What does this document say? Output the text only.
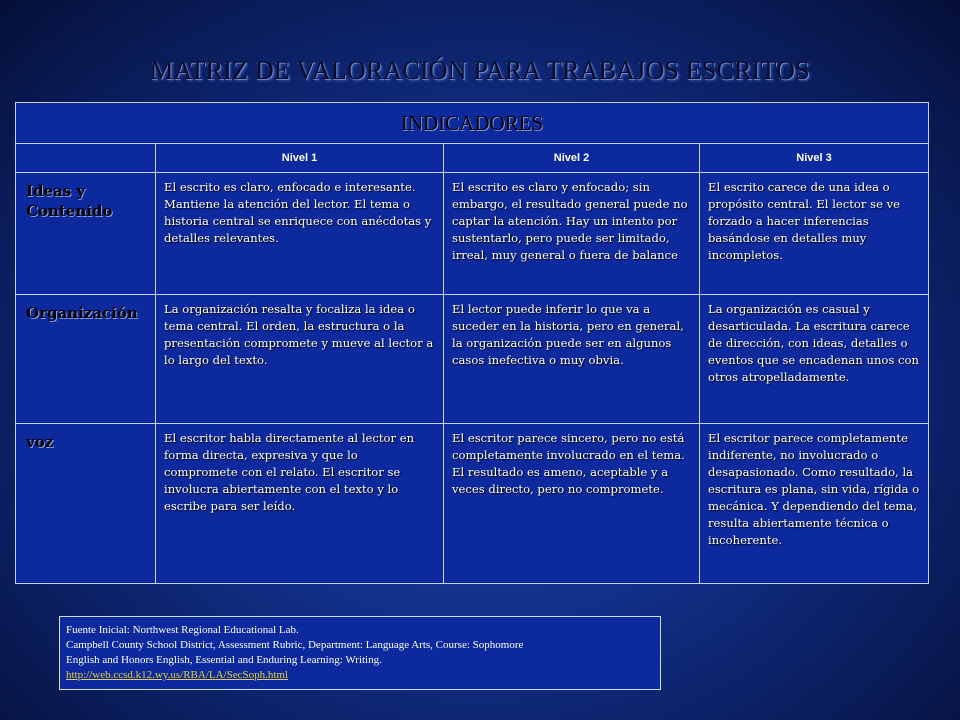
MATRIZ DE VALORACIÓN PARA TRABAJOS ESCRITOS
INDICADORES			
	Nivel 1	Nivel 2	Nivel 3
Ideas y Contenido	El escrito es claro, enfocado e interesante. Mantiene la atención del lector. El tema o historia central se enriquece con anécdotas y detalles relevantes.	El escrito es claro y enfocado; sin embargo, el resultado general puede no captar la atención. Hay un intento por sustentarlo, pero puede ser limitado, irreal, muy general o fuera de balance	El escrito carece de una idea o propósito central. El lector se ve forzado a hacer inferencias basándose en detalles muy incompletos.
Organización	La organización resalta y focaliza la idea o tema central. El orden, la estructura o la presentación compromete y mueve al lector a lo largo del texto.	El lector puede inferir lo que va a suceder en la historia, pero en general, la organización puede ser en algunos casos inefectiva o muy obvia.	La organización es casual y desarticulada. La escritura carece de dirección, con ideas, detalles o eventos que se encadenan unos con otros atropelladamente.
voz	El escritor habla directamente al lector en forma directa, expresiva y que lo compromete con el relato. El escritor se involucra abiertamente con el texto y lo escribe para ser leído.	El escritor parece sincero, pero no está completamente involucrado en el tema. El resultado es ameno, aceptable y a veces directo, pero no compromete.	El escritor parece completamente indiferente, no involucrado o desapasionado. Como resultado, la escritura es plana, sin vida, rígida o mecánica. Y dependiendo del tema, resulta abiertamente técnica o incoherente.
Fuente Inicial: Northwest Regional Educational Lab.
Campbell County School District, Assessment Rubric, Department: Language Arts, Course: Sophomore
English and Honors English, Essential and Enduring Learning: Writing.
http://web.ccsd.k12.wy.us/RBA/LA/SecSoph.html
